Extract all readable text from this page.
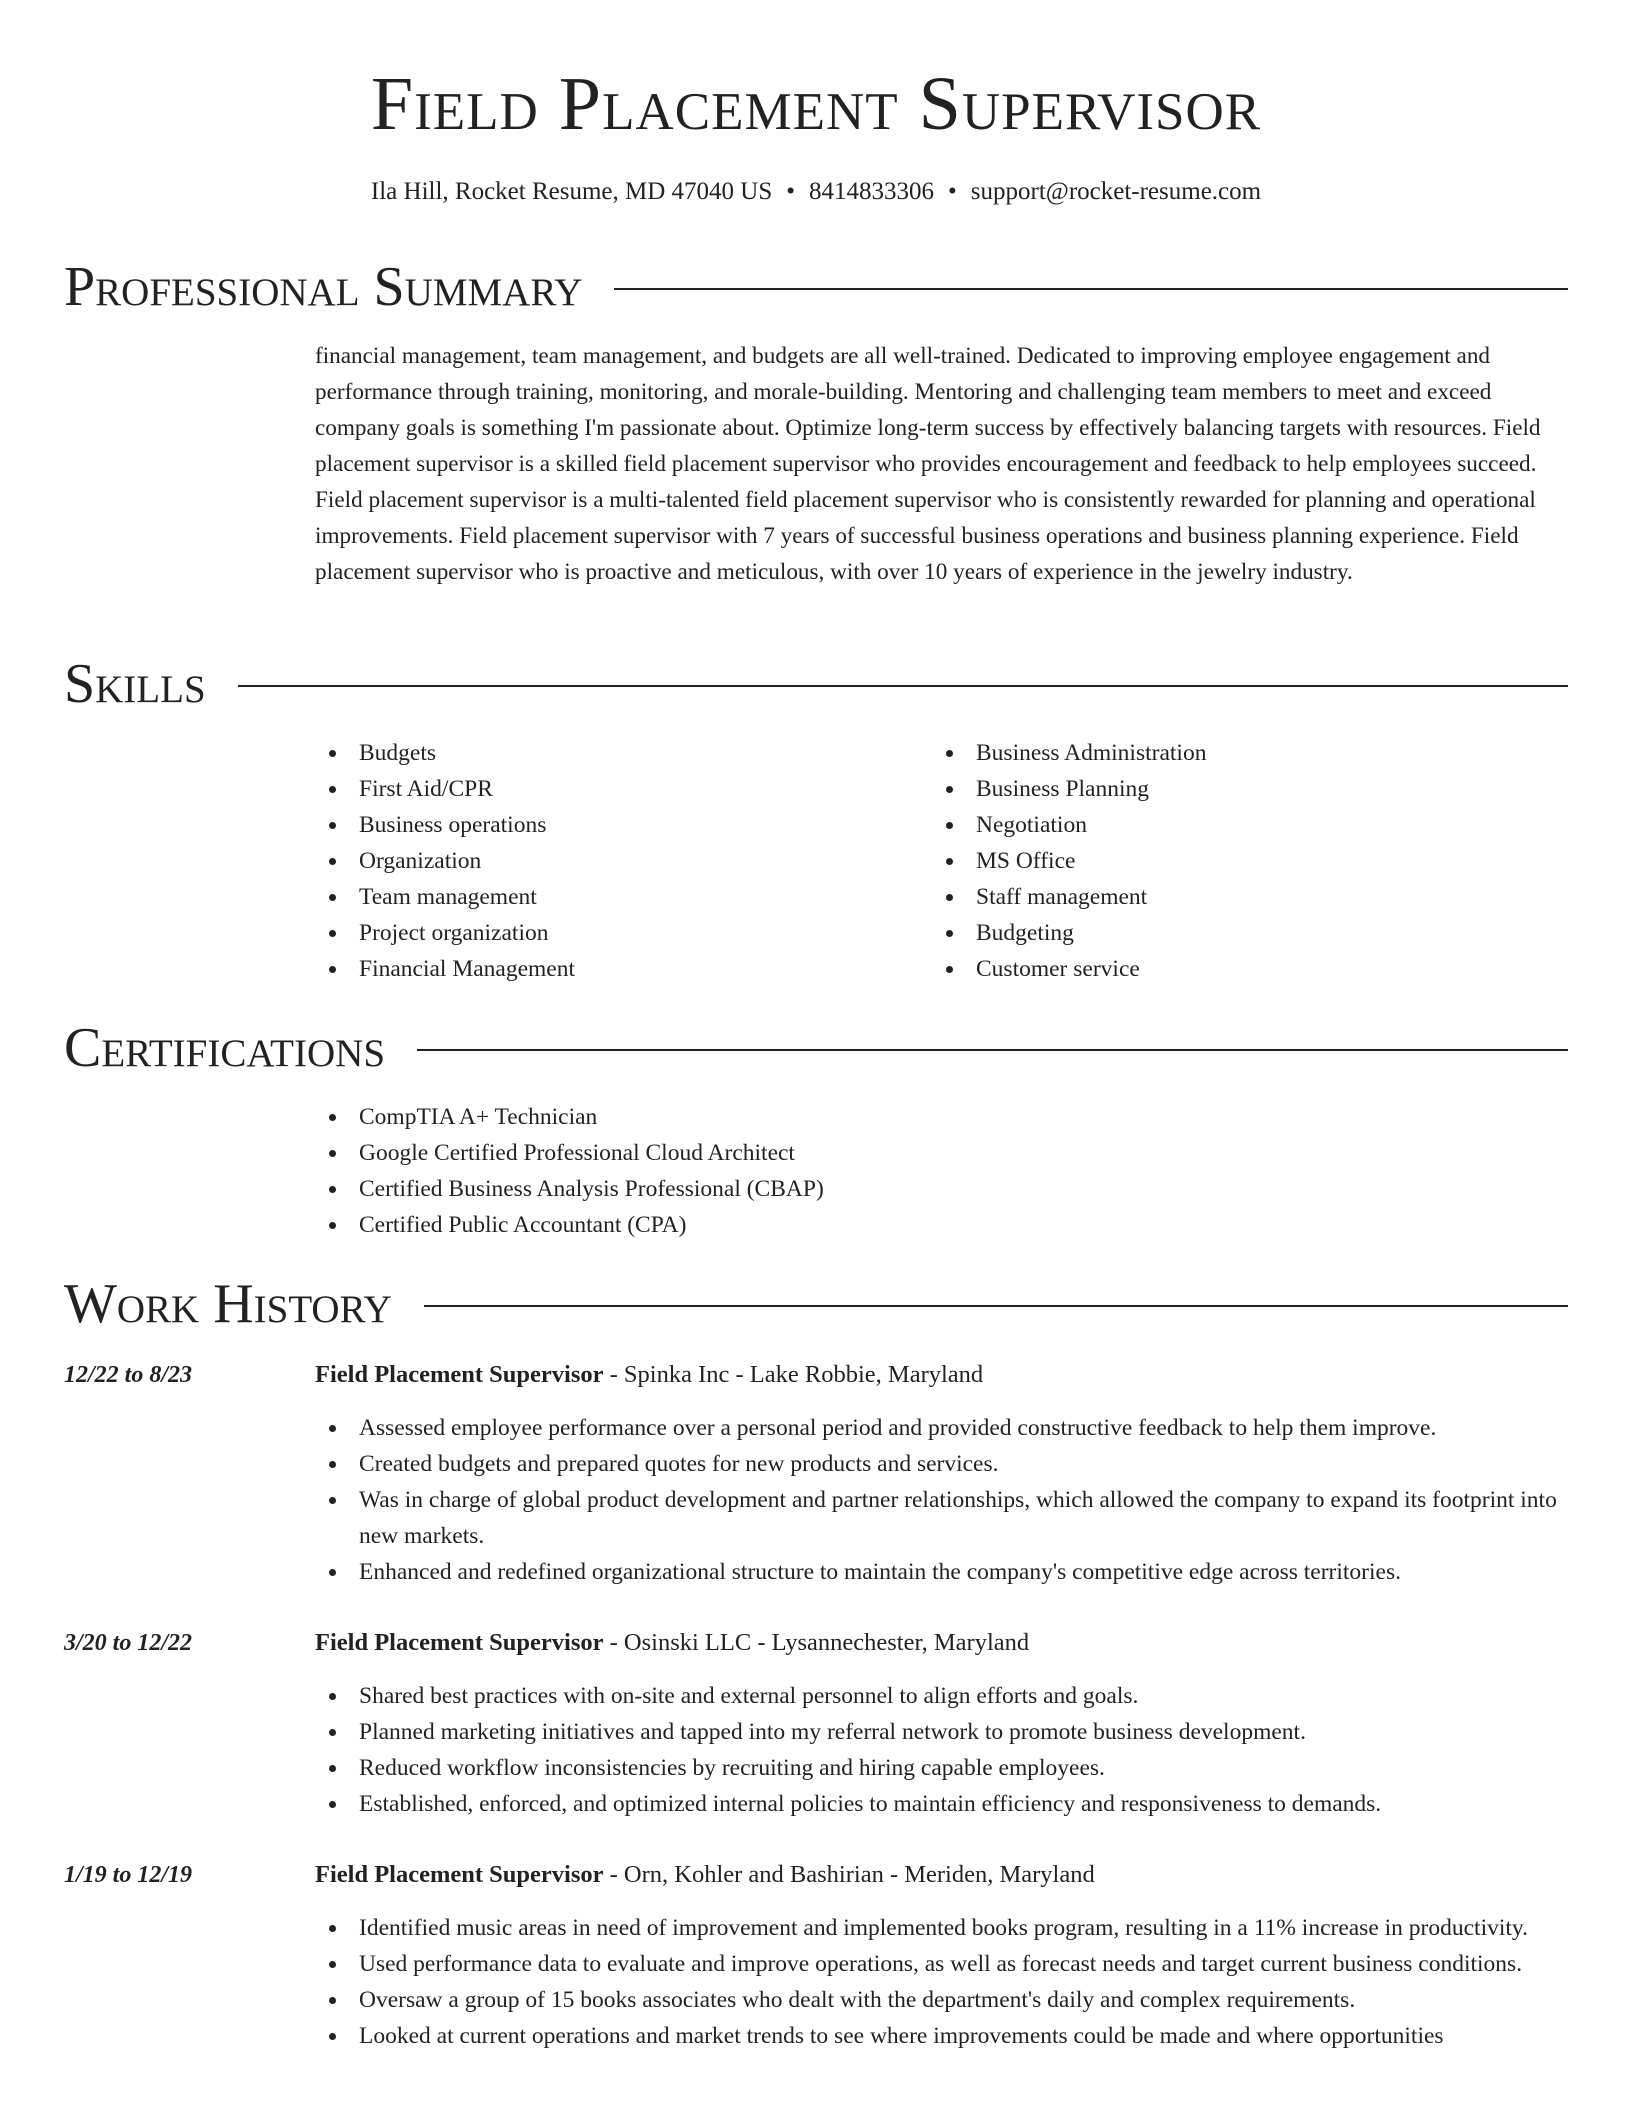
Field Placement Supervisor
Ila Hill, Rocket Resume, MD 47040 US • 8414833306 • support@rocket-resume.com
Professional Summary
financial management, team management, and budgets are all well-trained. Dedicated to improving employee engagement and performance through training, monitoring, and morale-building. Mentoring and challenging team members to meet and exceed company goals is something I'm passionate about. Optimize long-term success by effectively balancing targets with resources. Field placement supervisor is a skilled field placement supervisor who provides encouragement and feedback to help employees succeed. Field placement supervisor is a multi-talented field placement supervisor who is consistently rewarded for planning and operational improvements. Field placement supervisor with 7 years of successful business operations and business planning experience. Field placement supervisor who is proactive and meticulous, with over 10 years of experience in the jewelry industry.
Skills
Budgets
First Aid/CPR
Business operations
Organization
Team management
Project organization
Financial Management
Business Administration
Business Planning
Negotiation
MS Office
Staff management
Budgeting
Customer service
Certifications
CompTIA A+ Technician
Google Certified Professional Cloud Architect
Certified Business Analysis Professional (CBAP)
Certified Public Accountant (CPA)
Work History
12/22 to 8/23	Field Placement Supervisor - Spinka Inc - Lake Robbie, Maryland
Assessed employee performance over a personal period and provided constructive feedback to help them improve.
Created budgets and prepared quotes for new products and services.
Was in charge of global product development and partner relationships, which allowed the company to expand its footprint into new markets.
Enhanced and redefined organizational structure to maintain the company's competitive edge across territories.
3/20 to 12/22	Field Placement Supervisor - Osinski LLC - Lysannechester, Maryland
Shared best practices with on-site and external personnel to align efforts and goals.
Planned marketing initiatives and tapped into my referral network to promote business development.
Reduced workflow inconsistencies by recruiting and hiring capable employees.
Established, enforced, and optimized internal policies to maintain efficiency and responsiveness to demands.
1/19 to 12/19	Field Placement Supervisor - Orn, Kohler and Bashirian - Meriden, Maryland
Identified music areas in need of improvement and implemented books program, resulting in a 11% increase in productivity.
Used performance data to evaluate and improve operations, as well as forecast needs and target current business conditions.
Oversaw a group of 15 books associates who dealt with the department's daily and complex requirements.
Looked at current operations and market trends to see where improvements could be made and where opportunities
